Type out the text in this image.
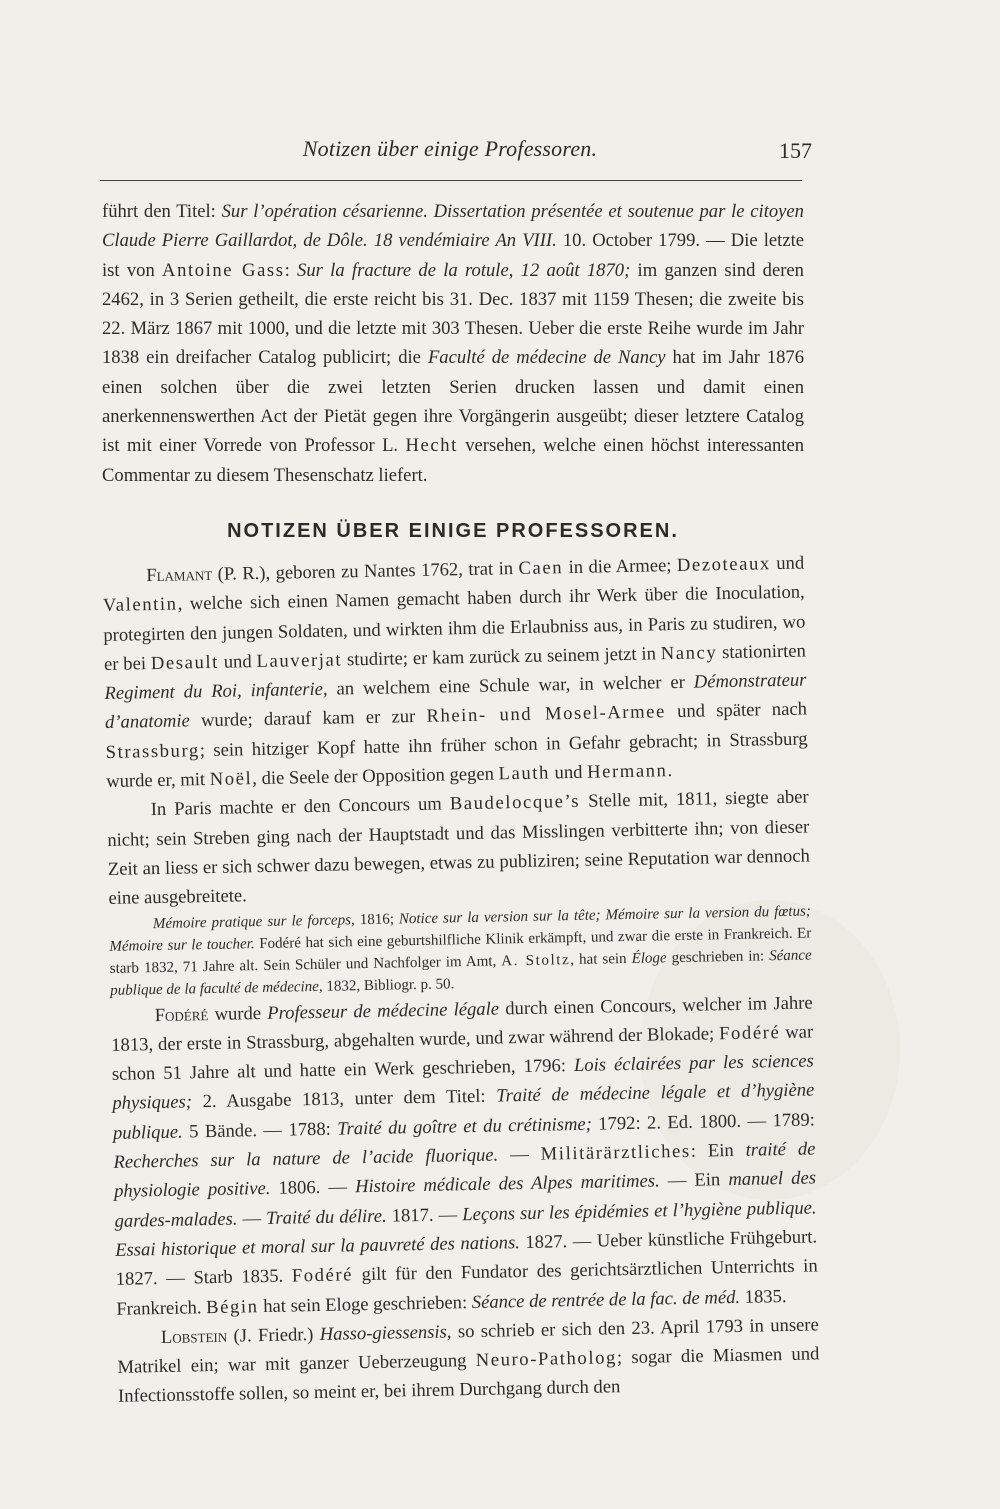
Notizen über einige Professoren.	157

führt den Titel: Sur l’opération césarienne. Dissertation présentée et soutenue par le citoyen Claude Pierre Gaillardot, de Dôle. 18 vendémiaire An VIII. 10. October 1799. — Die letzte ist von Antoine Gass: Sur la fracture de la rotule, 12 août 1870; im ganzen sind deren 2462, in 3 Serien getheilt, die erste reicht bis 31. Dec. 1837 mit 1159 Thesen; die zweite bis 22. März 1867 mit 1000, und die letzte mit 303 Thesen. Ueber die erste Reihe wurde im Jahr 1838 ein dreifacher Catalog publicirt; die Faculté de médecine de Nancy hat im Jahr 1876 einen solchen über die zwei letzten Serien drucken lassen und damit einen anerkennenswerthen Act der Pietät gegen ihre Vorgängerin ausgeübt; dieser letztere Catalog ist mit einer Vorrede von Professor L. Hecht versehen, welche einen höchst interessanten Commentar zu diesem Thesenschatz liefert.

NOTIZEN ÜBER EINIGE PROFESSOREN.

Flamant (P. R.), geboren zu Nantes 1762, trat in Caen in die Armee; Dezoteaux und Valentin, welche sich einen Namen gemacht haben durch ihr Werk über die Inoculation, protegirten den jungen Soldaten, und wirkten ihm die Erlaubniss aus, in Paris zu studiren, wo er bei Desault und Lauverjat studirte; er kam zurück zu seinem jetzt in Nancy stationirten Regiment du Roi, infanterie, an welchem eine Schule war, in welcher er Démonstrateur d’anatomie wurde; darauf kam er zur Rhein- und Mosel-Armee und später nach Strassburg; sein hitziger Kopf hatte ihn früher schon in Gefahr gebracht; in Strassburg wurde er, mit Noël, die Seele der Opposition gegen Lauth und Hermann.

In Paris machte er den Concours um Baudelocque’s Stelle mit, 1811, siegte aber nicht; sein Streben ging nach der Hauptstadt und das Misslingen verbitterte ihn; von dieser Zeit an liess er sich schwer dazu bewegen, etwas zu publiziren; seine Reputation war dennoch eine ausgebreitete.

Mémoire pratique sur le forceps, 1816; Notice sur la version sur la tête; Mémoire sur la version du fœtus; Mémoire sur le toucher. Fodéré hat sich eine geburtshilfliche Klinik erkämpft, und zwar die erste in Frankreich. Er starb 1832, 71 Jahre alt. Sein Schüler und Nachfolger im Amt, A. Stoltz, hat sein Éloge geschrieben in: Séance publique de la faculté de médecine, 1832, Bibliogr. p. 50.

Fodéré wurde Professeur de médecine légale durch einen Concours, welcher im Jahre 1813, der erste in Strassburg, abgehalten wurde, und zwar während der Blokade; Fodéré war schon 51 Jahre alt und hatte ein Werk geschrieben, 1796: Lois éclairées par les sciences physiques; 2. Ausgabe 1813, unter dem Titel: Traité de médecine légale et d’hygiène publique. 5 Bände. — 1788: Traité du goître et du crétinisme; 1792: 2. Ed. 1800. — 1789: Recherches sur la nature de l’acide fluorique. — Militärärztliches: Ein traité de physiologie positive. 1806. — Histoire médicale des Alpes maritimes. — Ein manuel des gardes-malades. — Traité du délire. 1817. — Leçons sur les épidémies et l’hygiène publique. Essai historique et moral sur la pauvreté des nations. 1827. — Ueber künstliche Frühgeburt. 1827. — Starb 1835. Fodéré gilt für den Fundator des gerichtsärztlichen Unterrichts in Frankreich. Bégin hat sein Eloge geschrieben: Séance de rentrée de la fac. de méd. 1835.

Lobstein (J. Friedr.) Hasso-giessensis, so schrieb er sich den 23. April 1793 in unsere Matrikel ein; war mit ganzer Ueberzeugung Neuro-Patholog; sogar die Miasmen und Infectionsstoffe sollen, so meint er, bei ihrem Durchgang durch den
